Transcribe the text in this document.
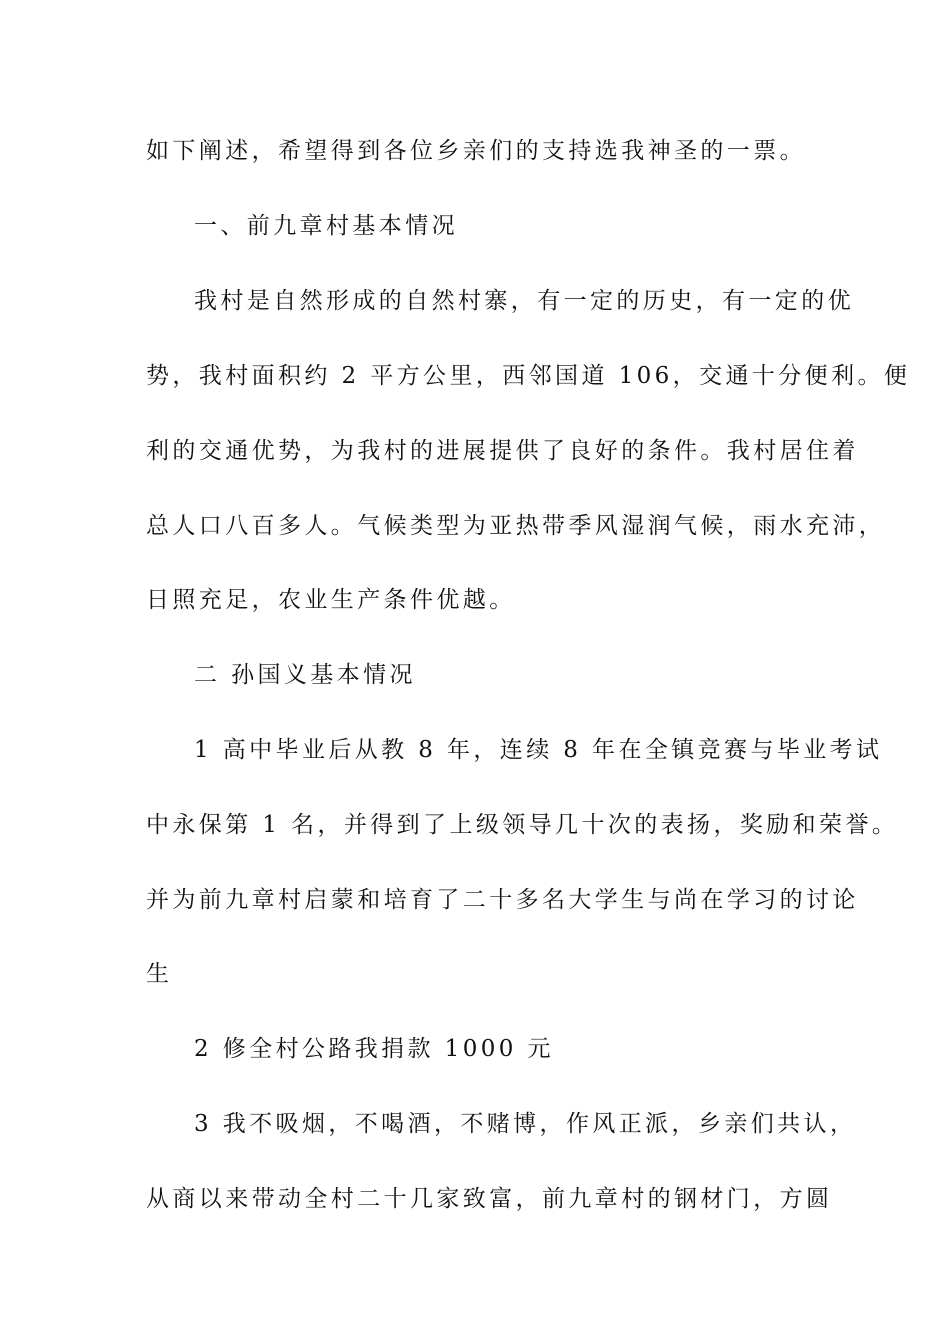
如下阐述，希望得到各位乡亲们的支持选我神圣的一票。

一、前九章村基本情况

我村是自然形成的自然村寨，有一定的历史，有一定的优

势，我村面积约 2 平方公里，西邻国道 106，交通十分便利。便

利的交通优势，为我村的进展提供了良好的条件。我村居住着

总人口八百多人。气候类型为亚热带季风湿润气候，雨水充沛，

日照充足，农业生产条件优越。

二 孙国义基本情况

1 高中毕业后从教 8 年，连续 8 年在全镇竞赛与毕业考试

中永保第 1 名，并得到了上级领导几十次的表扬，奖励和荣誉。

并为前九章村启蒙和培育了二十多名大学生与尚在学习的讨论

生

2 修全村公路我捐款 1000 元

3 我不吸烟，不喝酒，不赌博，作风正派，乡亲们共认，

从商以来带动全村二十几家致富，前九章村的钢材门，方圆
